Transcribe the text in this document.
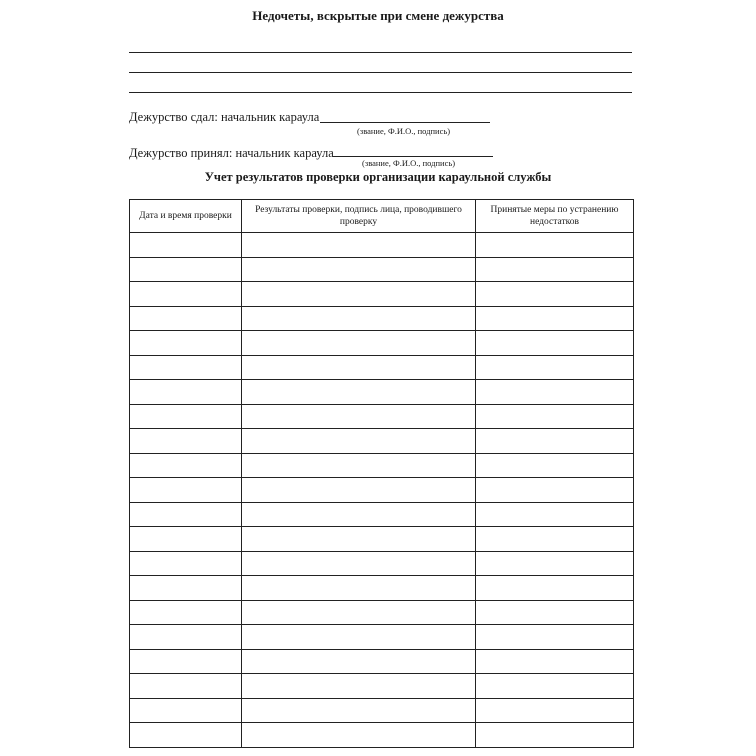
Недочеты, вскрытые при смене дежурства
Дежурство сдал: начальник караула
(звание, Ф.И.О., подпись)
Дежурство принял: начальник караула
(звание, Ф.И.О., подпись)
Учет результатов проверки организации караульной службы
Дата и время проверки	Результаты проверки, подпись лица, проводившего проверку	Принятые меры по устранению недостатков
